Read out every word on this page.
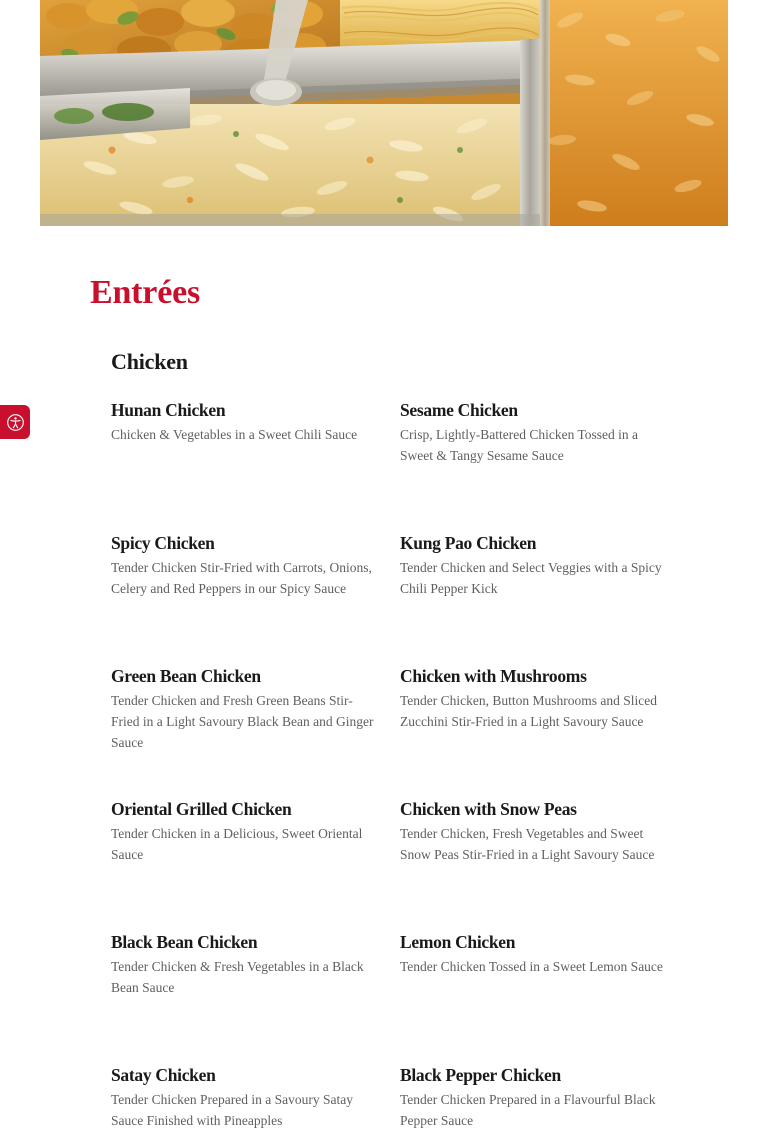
Entrées
Chicken
Hunan Chicken
Chicken & Vegetables in a Sweet Chili Sauce
Sesame Chicken
Crisp, Lightly-Battered Chicken Tossed in a Sweet & Tangy Sesame Sauce
Spicy Chicken
Tender Chicken Stir-Fried with Carrots, Onions, Celery and Red Peppers in our Spicy Sauce
Kung Pao Chicken
Tender Chicken and Select Veggies with a Spicy Chili Pepper Kick
Green Bean Chicken
Tender Chicken and Fresh Green Beans Stir-Fried in a Light Savoury Black Bean and Ginger Sauce
Chicken with Mushrooms
Tender Chicken, Button Mushrooms and Sliced Zucchini Stir-Fried in a Light Savoury Sauce
Oriental Grilled Chicken
Tender Chicken in a Delicious, Sweet Oriental Sauce
Chicken with Snow Peas
Tender Chicken, Fresh Vegetables and Sweet Snow Peas Stir-Fried in a Light Savoury Sauce
Black Bean Chicken
Tender Chicken & Fresh Vegetables in a Black Bean Sauce
Lemon Chicken
Tender Chicken Tossed in a Sweet Lemon Sauce
Satay Chicken
Tender Chicken Prepared in a Savoury Satay Sauce Finished with Pineapples
Black Pepper Chicken
Tender Chicken Prepared in a Flavourful Black Pepper Sauce
